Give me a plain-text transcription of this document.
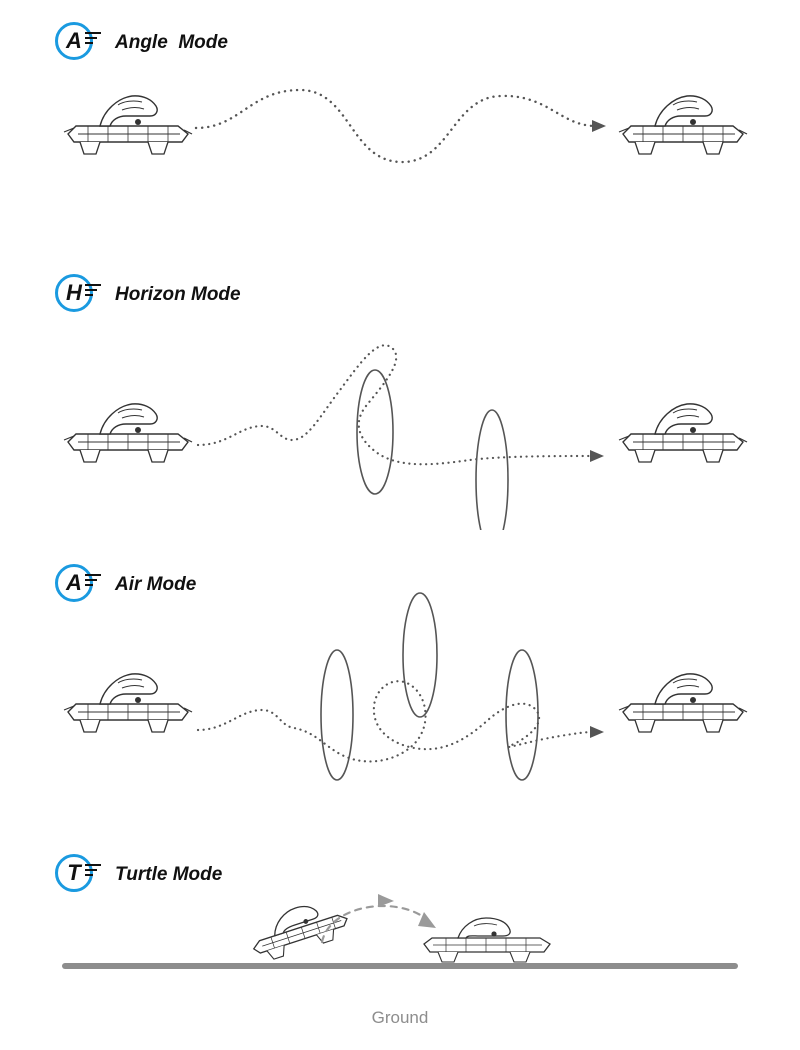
A	Angle  Mode
H	Horizon Mode
A	Air Mode
T	Turtle Mode
Ground
